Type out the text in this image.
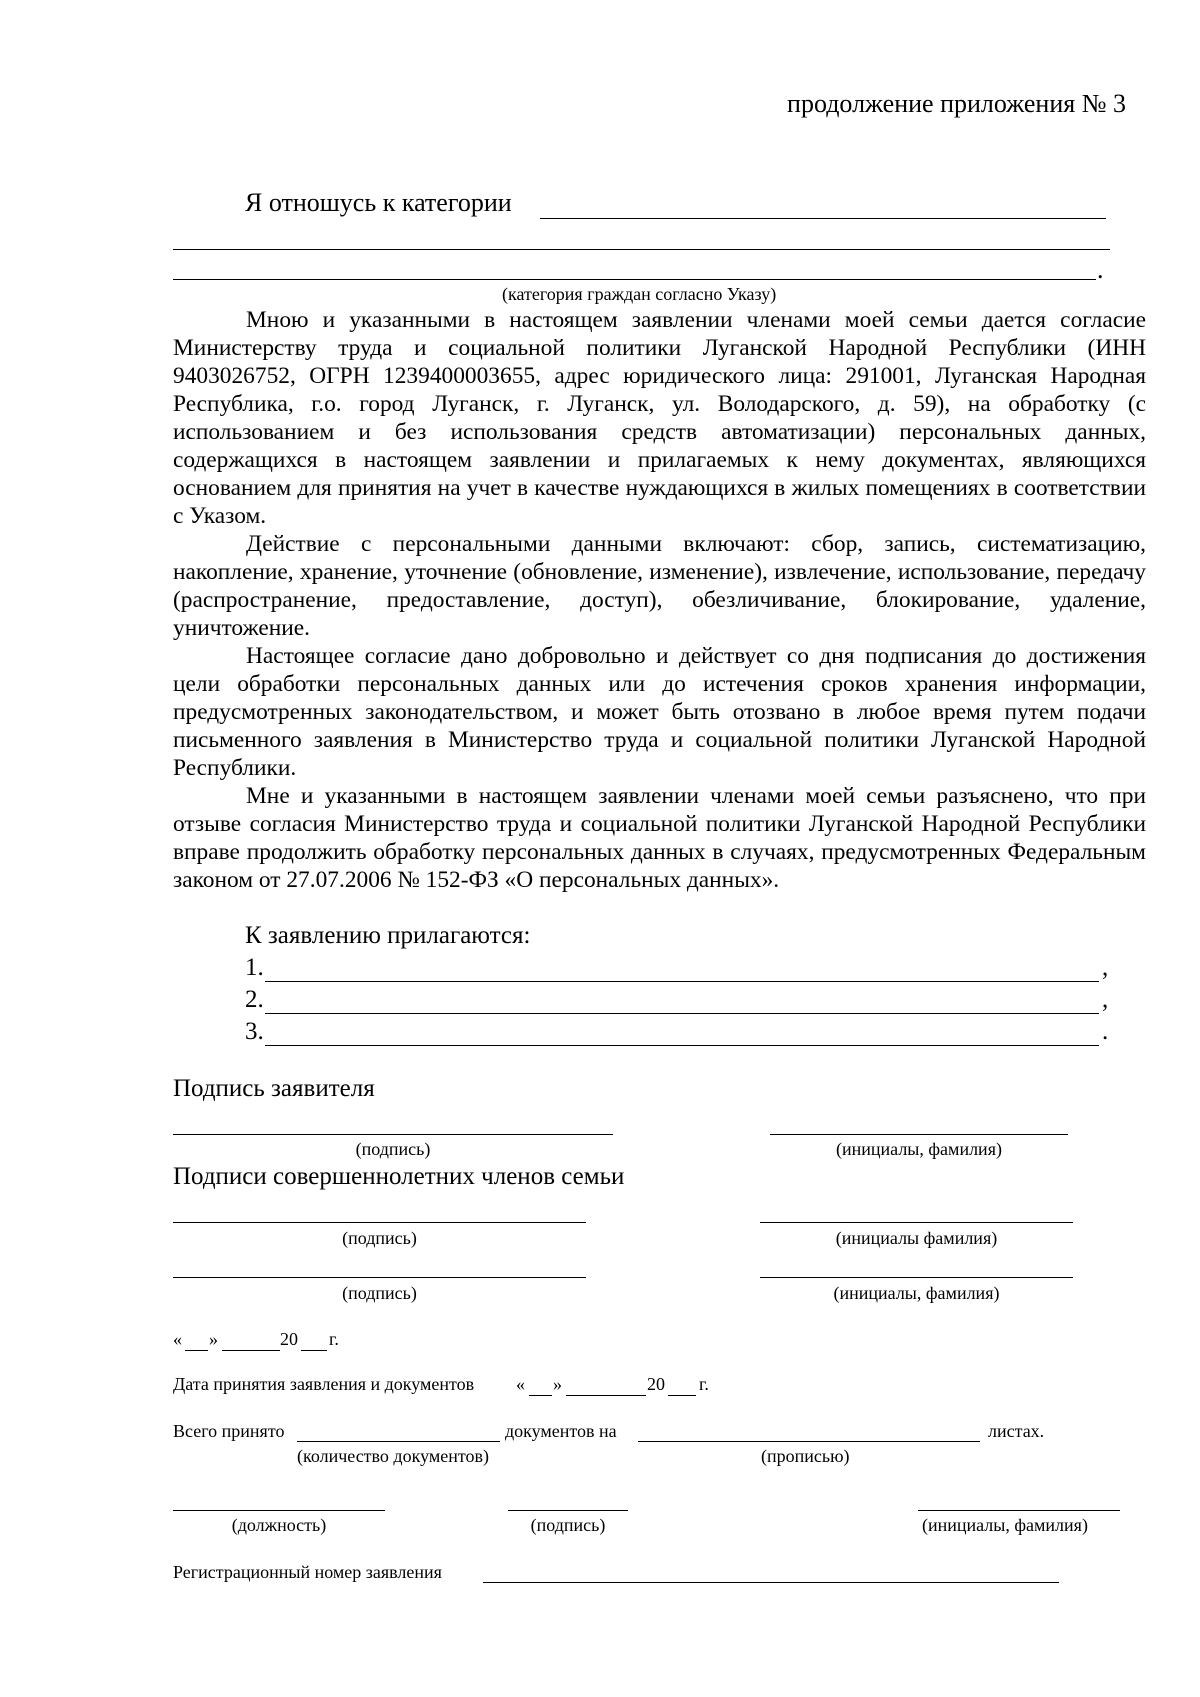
продолжение приложения № 3
Я отношусь к категории
.
(категория граждан согласно Указу)

Мною и указанными в настоящем заявлении членами моей семьи дается согласие Министерству труда и социальной политики Луганской Народной Республики (ИНН 9403026752, ОГРН 1239400003655, адрес юридического лица: 291001, Луганская Народная Республика, г.о. город Луганск, г. Луганск, ул. Володарского, д. 59), на обработку (с использованием и без использования средств автоматизации) персональных данных, содержащихся в настоящем заявлении и прилагаемых к нему документах, являющихся основанием для принятия на учет в качестве нуждающихся в жилых помещениях в соответствии с Указом.

Действие с персональными данными включают: сбор, запись, систематизацию, накопление, хранение, уточнение (обновление, изменение), извлечение, использование, передачу (распространение, предоставление, доступ), обезличивание, блокирование, удаление, уничтожение.

Настоящее согласие дано добровольно и действует со дня подписания до достижения цели обработки персональных данных или до истечения сроков хранения информации, предусмотренных законодательством, и может быть отозвано в любое время путем подачи письменного заявления в Министерство труда и социальной политики Луганской Народной Республики.

Мне и указанными в настоящем заявлении членами моей семьи разъяснено, что при отзыве согласия Министерство труда и социальной политики Луганской Народной Республики вправе продолжить обработку персональных данных в случаях, предусмотренных Федеральным законом от 27.07.2006 № 152-ФЗ «О персональных данных».

К заявлению прилагаются:
1.	,
2.	,
3.	.
Подпись заявителя
(подпись)	(инициалы, фамилия)
Подписи совершеннолетних членов семьи
(подпись)	(инициалы фамилия)
(подпись)	(инициалы, фамилия)
« »	20 г.
Дата принятия заявления и документов « »	20 г.
Всего принято	документов на	листах.
(количество документов)	(прописью)
(должность)	(подпись)	(инициалы, фамилия)
Регистрационный номер заявления
